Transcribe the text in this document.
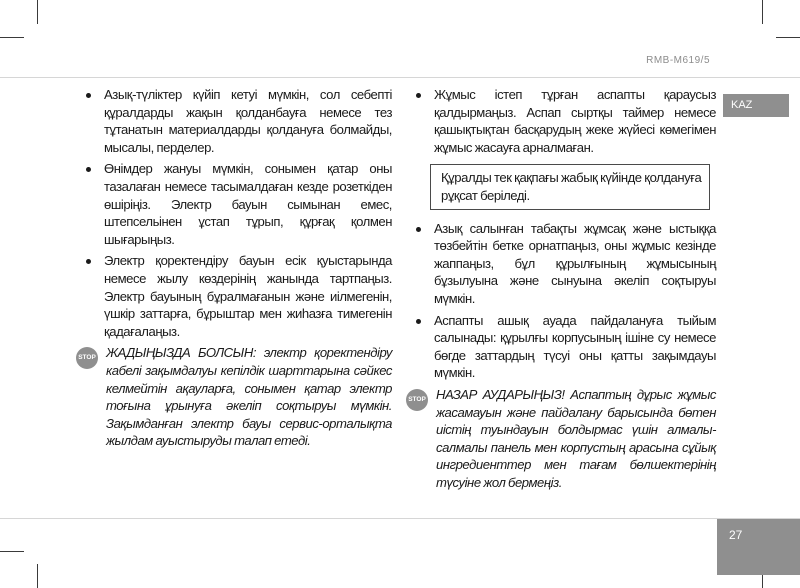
RMB-M619/5
KAZ
Азық-түліктер күйіп кетуі мүмкін, сол себепті құралдарды жақын қолданбауға немесе тез тұтанатын материалдарды қолдануға болмайды, мысалы, перделер.
Өнімдер жануы мүмкін, сонымен қатар оны тазалаған немесе тасымалдаған кезде розеткіден өшіріңіз. Электр бауын сымынан емес, штепсельінен ұстап тұрып, құрғақ қолмен шығарыңыз.
Электр қоректендіру бауын есік қуыстарында немесе жылу көздерінің жанында тартпаңыз. Электр бауының бұралмағанын және иілмегенін, үшкір заттарға, бұрыштар мен жиһазға тимегенін қадағалаңыз.
STOP ЖАДЫҢЫЗДА БОЛСЫН: электр қоректендіру кабелі зақымдалуы кепілдік шарттарына сәйкес келмейтін ақауларға, сонымен қатар электр тоғына ұрынуға әкеліп соқтыруы мүмкін. Зақымданған электр бауы сервис-орталықта жылдам ауыстыруды талап етеді.
Жұмыс істеп тұрған аспапты қараусыз қалдырмаңыз. Аспап сыртқы таймер немесе қашықтықтан басқарудың жеке жүйесі көмегімен жұмыс жасауға арналмаған.
Құралды тек қақпағы жабық күйінде қолдануға рұқсат беріледі.
Азық салынған табақты жұмсақ және ыстыққа төзбейтін бетке орнатпаңыз, оны жұмыс кезінде жаппаңыз, бұл құрылғының жұмысының бұзылуына және сынуына әкеліп соқтыруы мүмкін.
Аспапты ашық ауада пайдалануға тыйым салынады: құрылғы корпусының ішіне су немесе бөгде заттардың түсуі оны қатты зақымдауы мүмкін.
STOP НАЗАР АУДАРЫҢЫЗ! Аспаптың дұрыс жұмыс жасамауын және пайдалану барысында бөтен иістің туындауын болдырмас үшін алмалы-салмалы панель мен корпустың арасына сұйық ингредиенттер мен тағам бөлшектерінің түсуіне жол бермеңіз.
27
